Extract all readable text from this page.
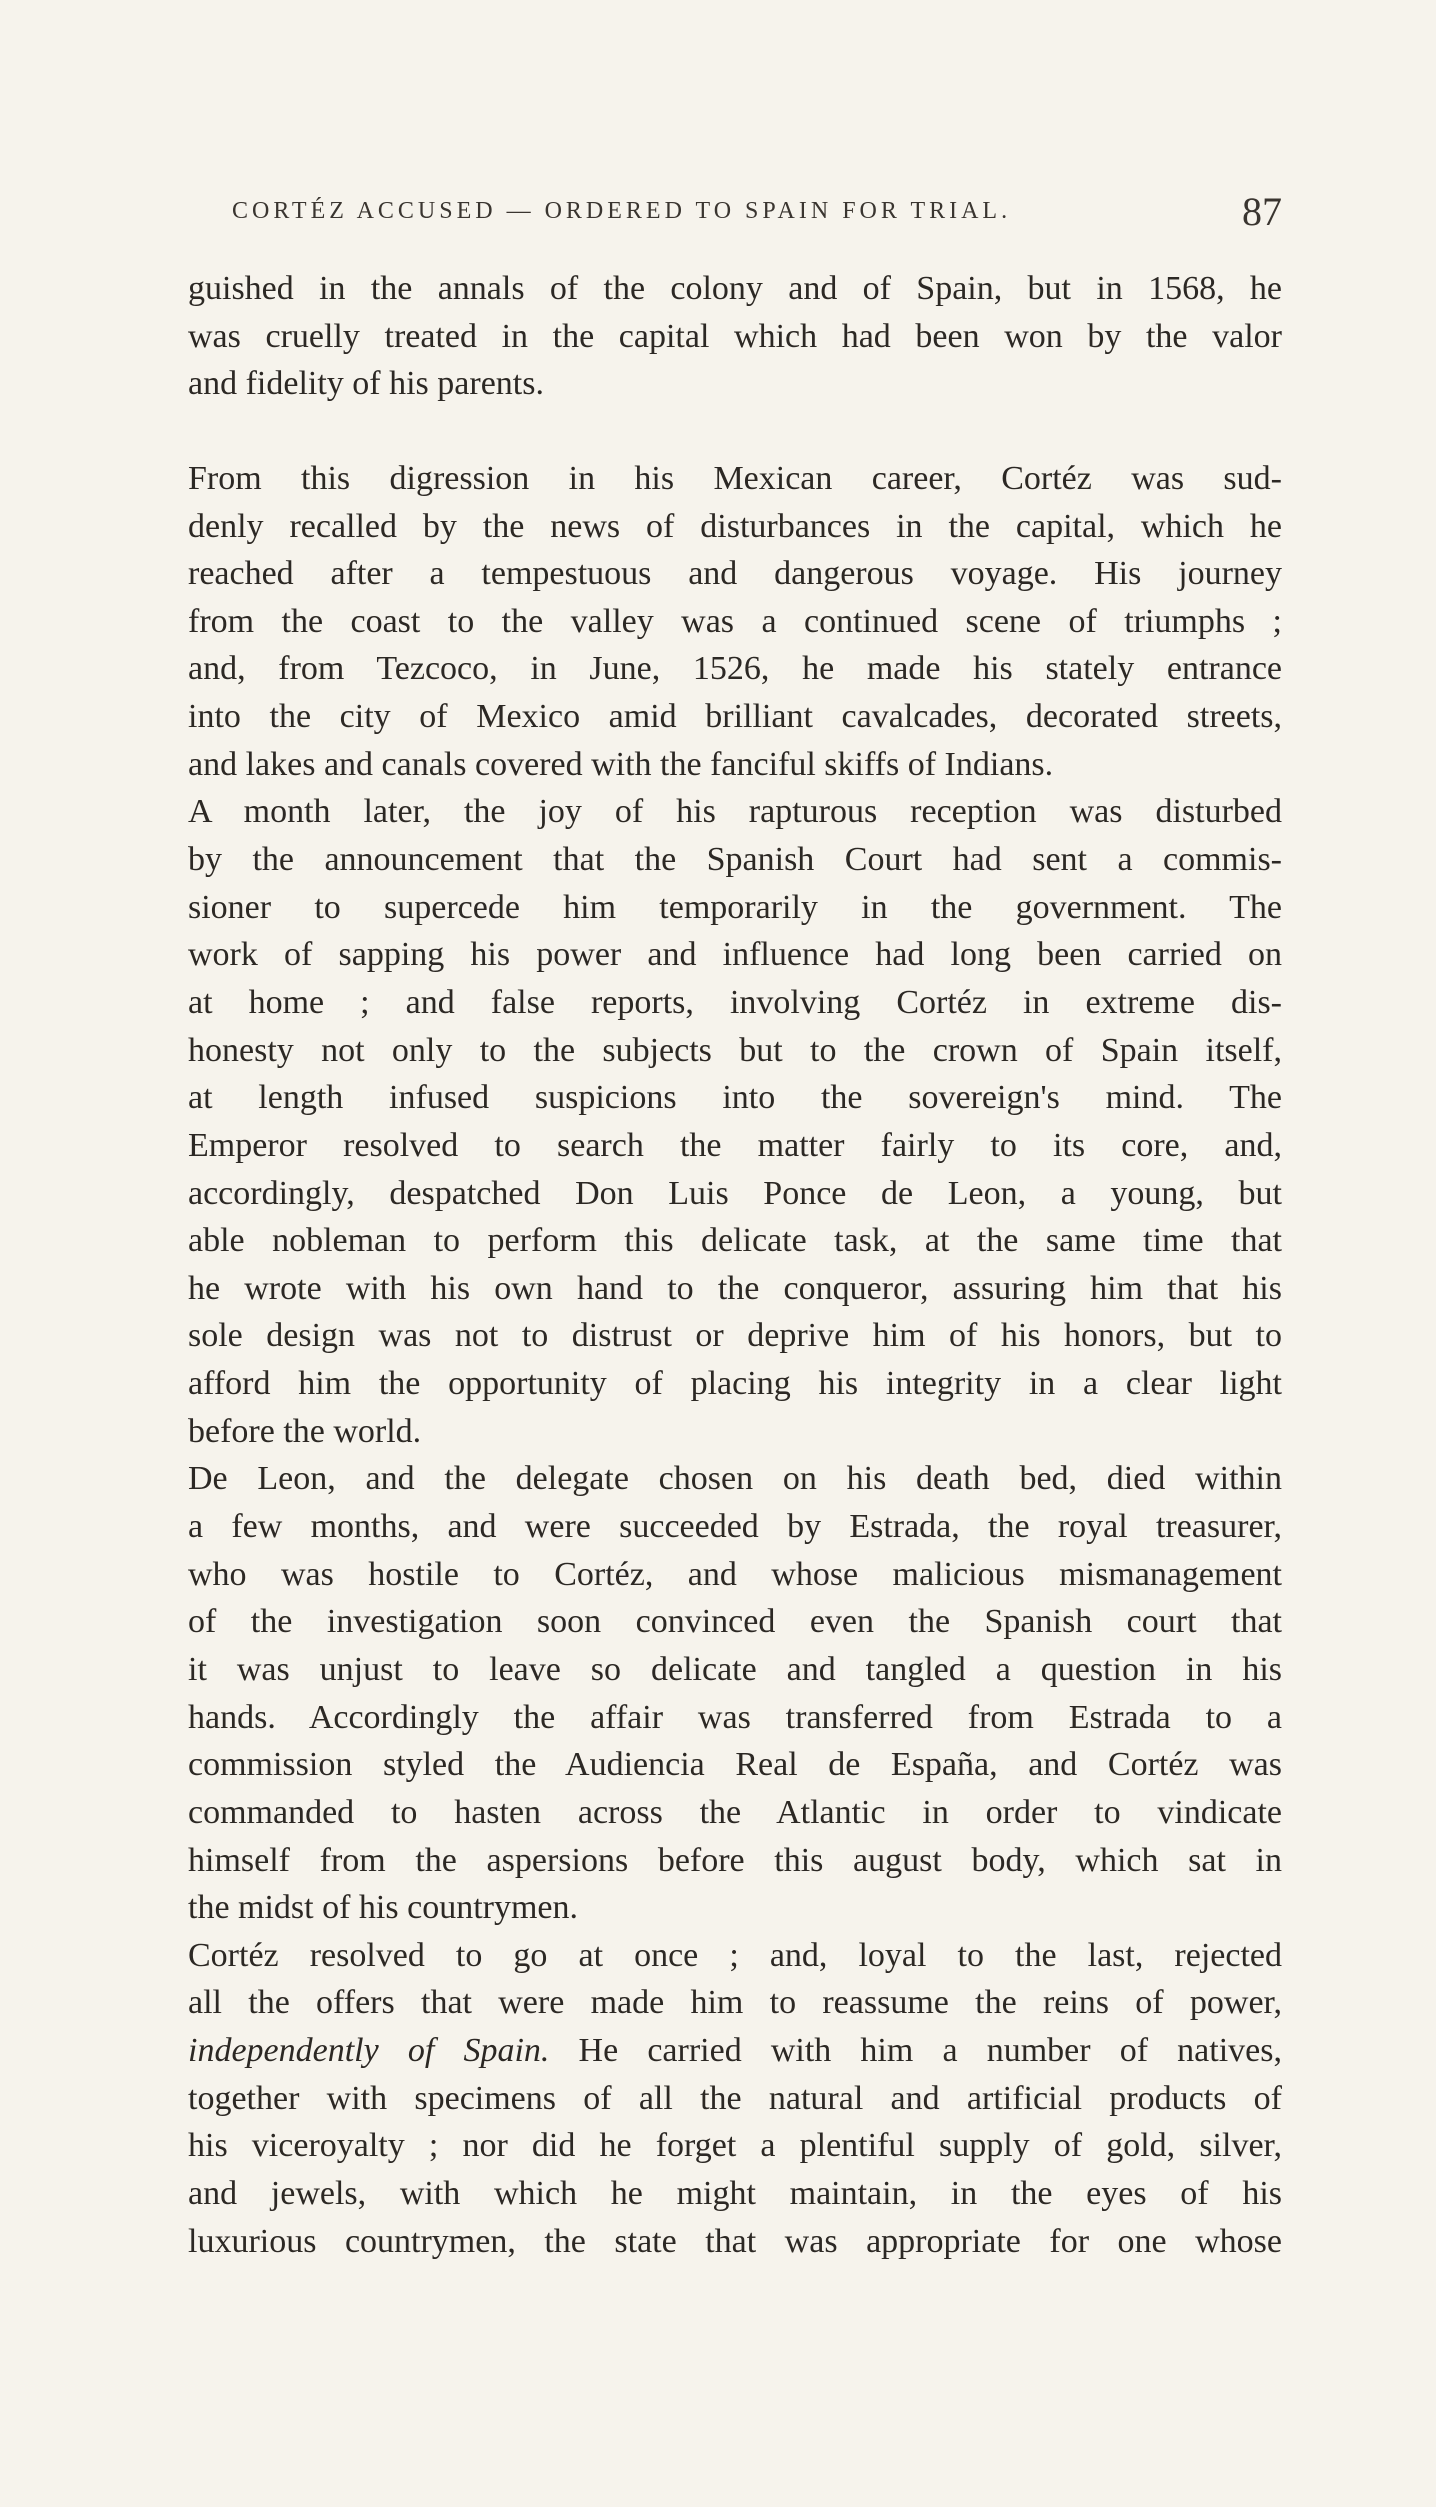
CORTÉZ ACCUSED — ORDERED TO SPAIN FOR TRIAL.	87
guished in the annals of the colony and of Spain, but in 1568, he
was cruelly treated in the capital which had been won by the valor
and fidelity of his parents.
From this digression in his Mexican career, Cortéz was sud-
denly recalled by the news of disturbances in the capital, which he
reached after a tempestuous and dangerous voyage. His journey
from the coast to the valley was a continued scene of triumphs ;
and, from Tezcoco, in June, 1526, he made his stately entrance
into the city of Mexico amid brilliant cavalcades, decorated streets,
and lakes and canals covered with the fanciful skiffs of Indians.
A month later, the joy of his rapturous reception was disturbed
by the announcement that the Spanish Court had sent a commis-
sioner to supercede him temporarily in the government. The
work of sapping his power and influence had long been carried on
at home ; and false reports, involving Cortéz in extreme dis-
honesty not only to the subjects but to the crown of Spain itself,
at length infused suspicions into the sovereign's mind. The
Emperor resolved to search the matter fairly to its core, and,
accordingly, despatched Don Luis Ponce de Leon, a young, but
able nobleman to perform this delicate task, at the same time that
he wrote with his own hand to the conqueror, assuring him that his
sole design was not to distrust or deprive him of his honors, but to
afford him the opportunity of placing his integrity in a clear light
before the world.
De Leon, and the delegate chosen on his death bed, died within
a few months, and were succeeded by Estrada, the royal treasurer,
who was hostile to Cortéz, and whose malicious mismanagement
of the investigation soon convinced even the Spanish court that
it was unjust to leave so delicate and tangled a question in his
hands. Accordingly the affair was transferred from Estrada to a
commission styled the Audiencia Real de España, and Cortéz was
commanded to hasten across the Atlantic in order to vindicate
himself from the aspersions before this august body, which sat in
the midst of his countrymen.
Cortéz resolved to go at once ; and, loyal to the last, rejected
all the offers that were made him to reassume the reins of power,
independently of Spain. He carried with him a number of natives,
together with specimens of all the natural and artificial products of
his viceroyalty ; nor did he forget a plentiful supply of gold, silver,
and jewels, with which he might maintain, in the eyes of his
luxurious countrymen, the state that was appropriate for one whose
